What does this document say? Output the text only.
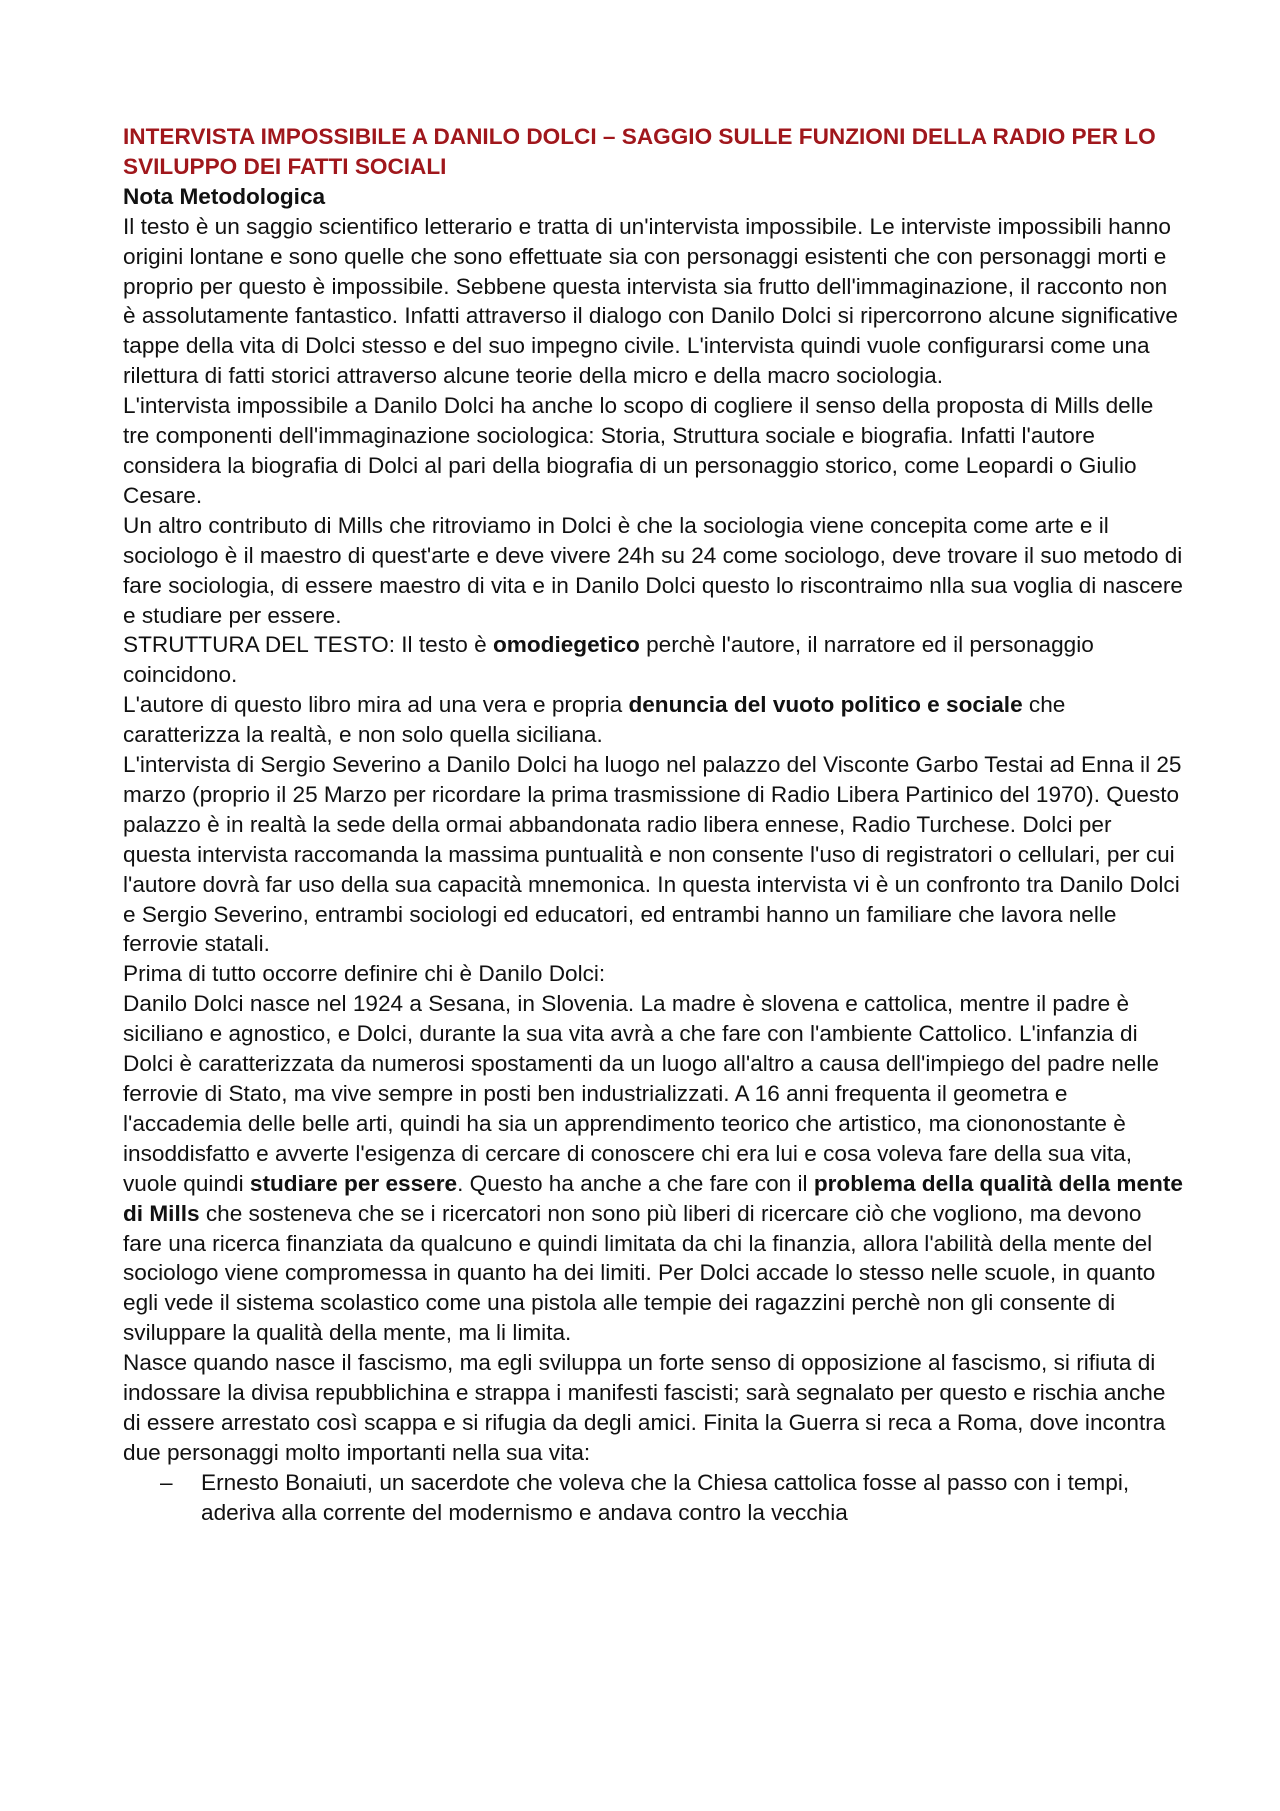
INTERVISTA IMPOSSIBILE A DANILO DOLCI – SAGGIO SULLE FUNZIONI DELLA RADIO PER LO SVILUPPO DEI FATTI SOCIALI

Nota Metodologica

Il testo è un saggio scientifico letterario e tratta di un'intervista impossibile. Le interviste impossibili hanno origini lontane e sono quelle che sono effettuate sia con personaggi esistenti che con personaggi morti e proprio per questo è impossibile. Sebbene questa intervista sia frutto dell'immaginazione, il racconto non è assolutamente fantastico. Infatti attraverso il dialogo con Danilo Dolci si ripercorrono alcune significative tappe della vita di Dolci stesso e del suo impegno civile. L'intervista quindi vuole configurarsi come una rilettura di fatti storici attraverso alcune teorie della micro e della macro sociologia.

L'intervista impossibile a Danilo Dolci ha anche lo scopo di cogliere il senso della proposta di Mills delle tre componenti dell'immaginazione sociologica: Storia, Struttura sociale e biografia. Infatti l'autore considera la biografia di Dolci al pari della biografia di un personaggio storico, come Leopardi o Giulio Cesare.

Un altro contributo di Mills che ritroviamo in Dolci è che la sociologia viene concepita come arte e il sociologo è il maestro di quest'arte e deve vivere 24h su 24 come sociologo, deve trovare il suo metodo di fare sociologia, di essere maestro di vita e in Danilo Dolci questo lo riscontraimo nlla sua voglia di nascere e studiare per essere.

STRUTTURA DEL TESTO: Il testo è omodiegetico perchè l'autore, il narratore ed il personaggio coincidono.

L'autore di questo libro mira ad una vera e propria denuncia del vuoto politico e sociale che caratterizza la realtà, e non solo quella siciliana.

L'intervista di Sergio Severino a Danilo Dolci ha luogo nel palazzo del Visconte Garbo Testai ad Enna il 25 marzo (proprio il 25 Marzo per ricordare la prima trasmissione di Radio Libera Partinico del 1970). Questo palazzo è in realtà la sede della ormai abbandonata radio libera ennese, Radio Turchese. Dolci per questa intervista raccomanda la massima puntualità e non consente l'uso di registratori o cellulari, per cui l'autore dovrà far uso della sua capacità mnemonica. In questa intervista vi è un confronto tra Danilo Dolci e Sergio Severino, entrambi sociologi ed educatori, ed entrambi hanno un familiare che lavora nelle ferrovie statali.

Prima di tutto occorre definire chi è Danilo Dolci:

Danilo Dolci nasce nel 1924 a Sesana, in Slovenia. La madre è slovena e cattolica, mentre il padre è siciliano e agnostico, e Dolci, durante la sua vita avrà a che fare con l'ambiente Cattolico. L'infanzia di Dolci è caratterizzata da numerosi spostamenti da un luogo all'altro a causa dell'impiego del padre nelle ferrovie di Stato, ma vive sempre in posti ben industrializzati. A 16 anni frequenta il geometra e l'accademia delle belle arti, quindi ha sia un apprendimento teorico che artistico, ma ciononostante è insoddisfatto e avverte l'esigenza di cercare di conoscere chi era lui e cosa voleva fare della sua vita, vuole quindi studiare per essere. Questo ha anche a che fare con il problema della qualità della mente di Mills che sosteneva che se i ricercatori non sono più liberi di ricercare ciò che vogliono, ma devono fare una ricerca finanziata da qualcuno e quindi limitata da chi la finanzia, allora l'abilità della mente del sociologo viene compromessa in quanto ha dei limiti. Per Dolci accade lo stesso nelle scuole, in quanto egli vede il sistema scolastico come una pistola alle tempie dei ragazzini perchè non gli consente di sviluppare la qualità della mente, ma li limita.

Nasce quando nasce il fascismo, ma egli sviluppa un forte senso di opposizione al fascismo, si rifiuta di indossare la divisa repubblichina e strappa i manifesti fascisti; sarà segnalato per questo e rischia anche di essere arrestato così scappa e si rifugia da degli amici. Finita la Guerra si reca a Roma, dove incontra due personaggi molto importanti nella sua vita:

– Ernesto Bonaiuti, un sacerdote che voleva che la Chiesa cattolica fosse al passo con i tempi, aderiva alla corrente del modernismo e andava contro la vecchia
